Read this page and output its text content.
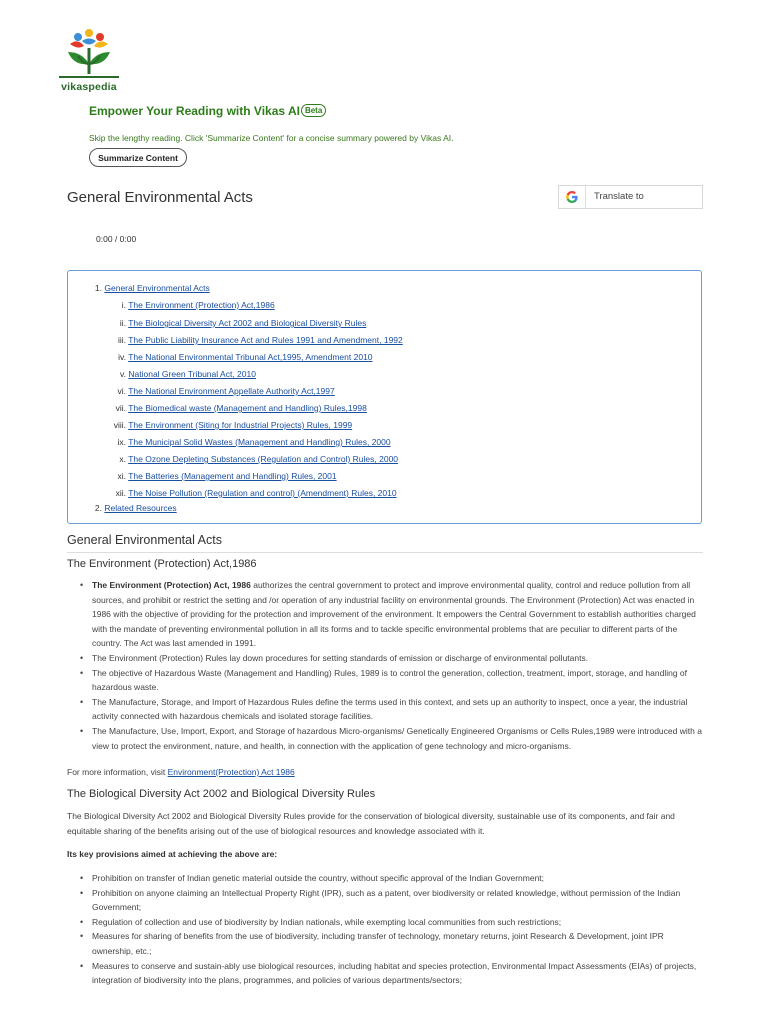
vikaspedia
Empower Your Reading with Vikas AI Beta
Skip the lengthy reading. Click 'Summarize Content' for a concise summary powered by Vikas AI.
Summarize Content
General Environmental Acts	Translate to
0:00 / 0:00
1. General Environmental Acts
i. The Environment (Protection) Act,1986
ii. The Biological Diversity Act 2002 and Biological Diversity Rules
iii. The Public Liability Insurance Act and Rules 1991 and Amendment, 1992
iv. The National Environmental Tribunal Act,1995, Amendment 2010
v. National Green Tribunal Act, 2010
vi. The National Environment Appellate Authority Act,1997
vii. The Biomedical waste (Management and Handling) Rules,1998
viii. The Environment (Siting for Industrial Projects) Rules, 1999
ix. The Municipal Solid Wastes (Management and Handling) Rules, 2000
x. The Ozone Depleting Substances (Regulation and Control) Rules, 2000
xi. The Batteries (Management and Handling) Rules, 2001
xii. The Noise Pollution (Regulation and control) (Amendment) Rules, 2010
2. Related Resources
General Environmental Acts
The Environment (Protection) Act,1986
• The Environment (Protection) Act, 1986 authorizes the central government to protect and improve environmental quality, control and reduce pollution from all sources, and prohibit or restrict the setting and /or operation of any industrial facility on environmental grounds. The Environment (Protection) Act was enacted in 1986 with the objective of providing for the protection and improvement of the environment. It empowers the Central Government to establish authorities charged with the mandate of preventing environmental pollution in all its forms and to tackle specific environmental problems that are peculiar to different parts of the country. The Act was last amended in 1991.
• The Environment (Protection) Rules lay down procedures for setting standards of emission or discharge of environmental pollutants.
• The objective of Hazardous Waste (Management and Handling) Rules, 1989 is to control the generation, collection, treatment, import, storage, and handling of hazardous waste.
• The Manufacture, Storage, and Import of Hazardous Rules define the terms used in this context, and sets up an authority to inspect, once a year, the industrial activity connected with hazardous chemicals and isolated storage facilities.
• The Manufacture, Use, Import, Export, and Storage of hazardous Micro-organisms/ Genetically Engineered Organisms or Cells Rules,1989 were introduced with a view to protect the environment, nature, and health, in connection with the application of gene technology and micro-organisms.
For more information, visit Environment(Protection) Act 1986
The Biological Diversity Act 2002 and Biological Diversity Rules
The Biological Diversity Act 2002 and Biological Diversity Rules provide for the conservation of biological diversity, sustainable use of its components, and fair and equitable sharing of the benefits arising out of the use of biological resources and knowledge associated with it.
Its key provisions aimed at achieving the above are:
• Prohibition on transfer of Indian genetic material outside the country, without specific approval of the Indian Government;
• Prohibition on anyone claiming an Intellectual Property Right (IPR), such as a patent, over biodiversity or related knowledge, without permission of the Indian Government;
• Regulation of collection and use of biodiversity by Indian nationals, while exempting local communities from such restrictions;
• Measures for sharing of benefits from the use of biodiversity, including transfer of technology, monetary returns, joint Research & Development, joint IPR ownership, etc.;
• Measures to conserve and sustain-ably use biological resources, including habitat and species protection, Environmental Impact Assessments (EIAs) of projects, integration of biodiversity into the plans, programmes, and policies of various departments/sectors;
